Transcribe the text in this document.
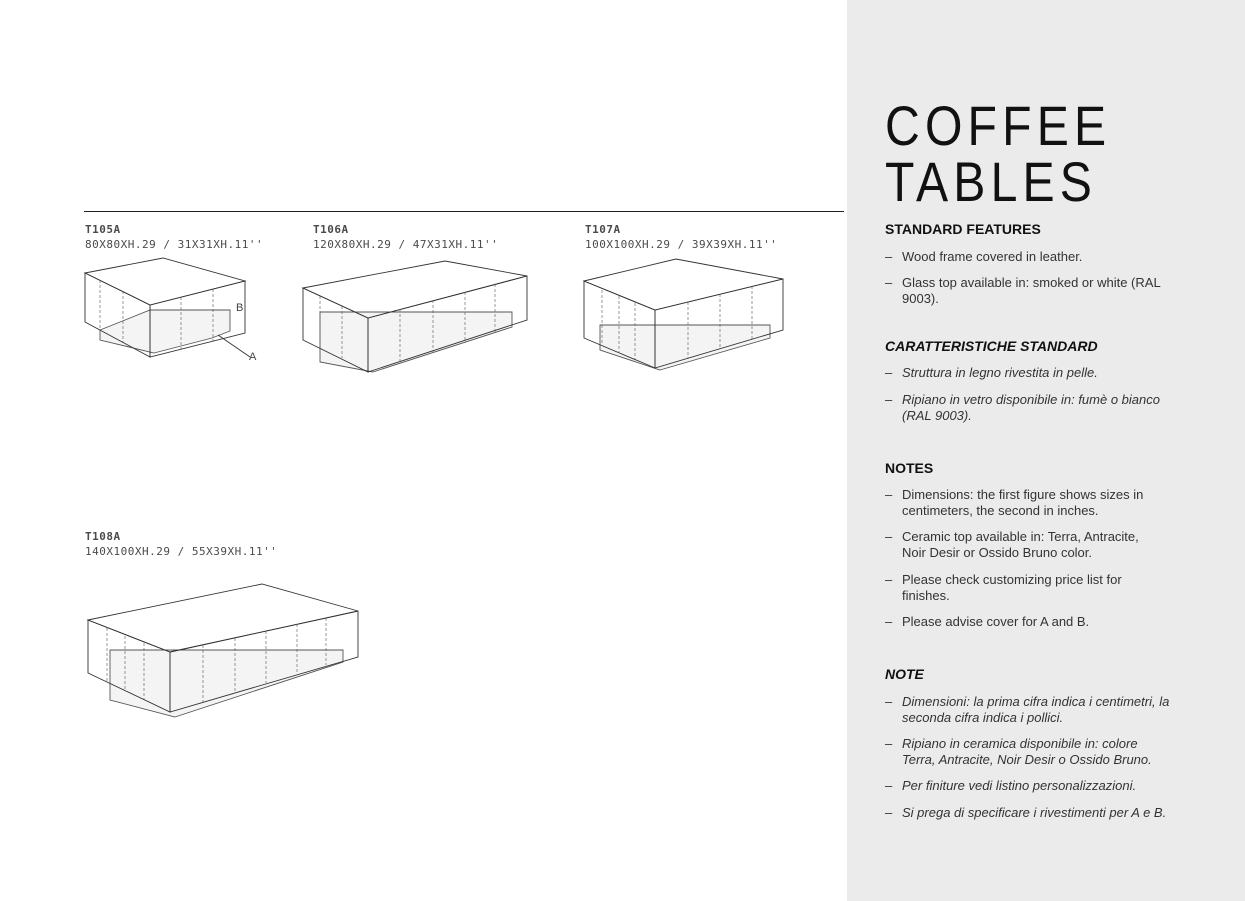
T105A
80X80XH.29 / 31X31XH.11''
T106A
120X80XH.29 / 47X31XH.11''
T107A
100X100XH.29 / 39X39XH.11''
T108A
140X100XH.29 / 55X39XH.11''
B
A
COFFEE
TABLES
STANDARD FEATURES
– Wood frame covered in leather.
– Glass top available in: smoked or white (RAL 9003).
CARATTERISTICHE STANDARD
– Struttura in legno rivestita in pelle.
– Ripiano in vetro disponibile in: fumè o bianco (RAL 9003).
NOTES
– Dimensions: the first figure shows sizes in centimeters, the second in inches.
– Ceramic top available in: Terra, Antracite, Noir Desir or Ossido Bruno color.
– Please check customizing price list for finishes.
– Please advise cover for A and B.
NOTE
– Dimensioni: la prima cifra indica i centimetri, la seconda cifra indica i pollici.
– Ripiano in ceramica disponibile in: colore Terra, Antracite, Noir Desir o Ossido Bruno.
– Per finiture vedi listino personalizzazioni.
– Si prega di specificare i rivestimenti per A e B.
